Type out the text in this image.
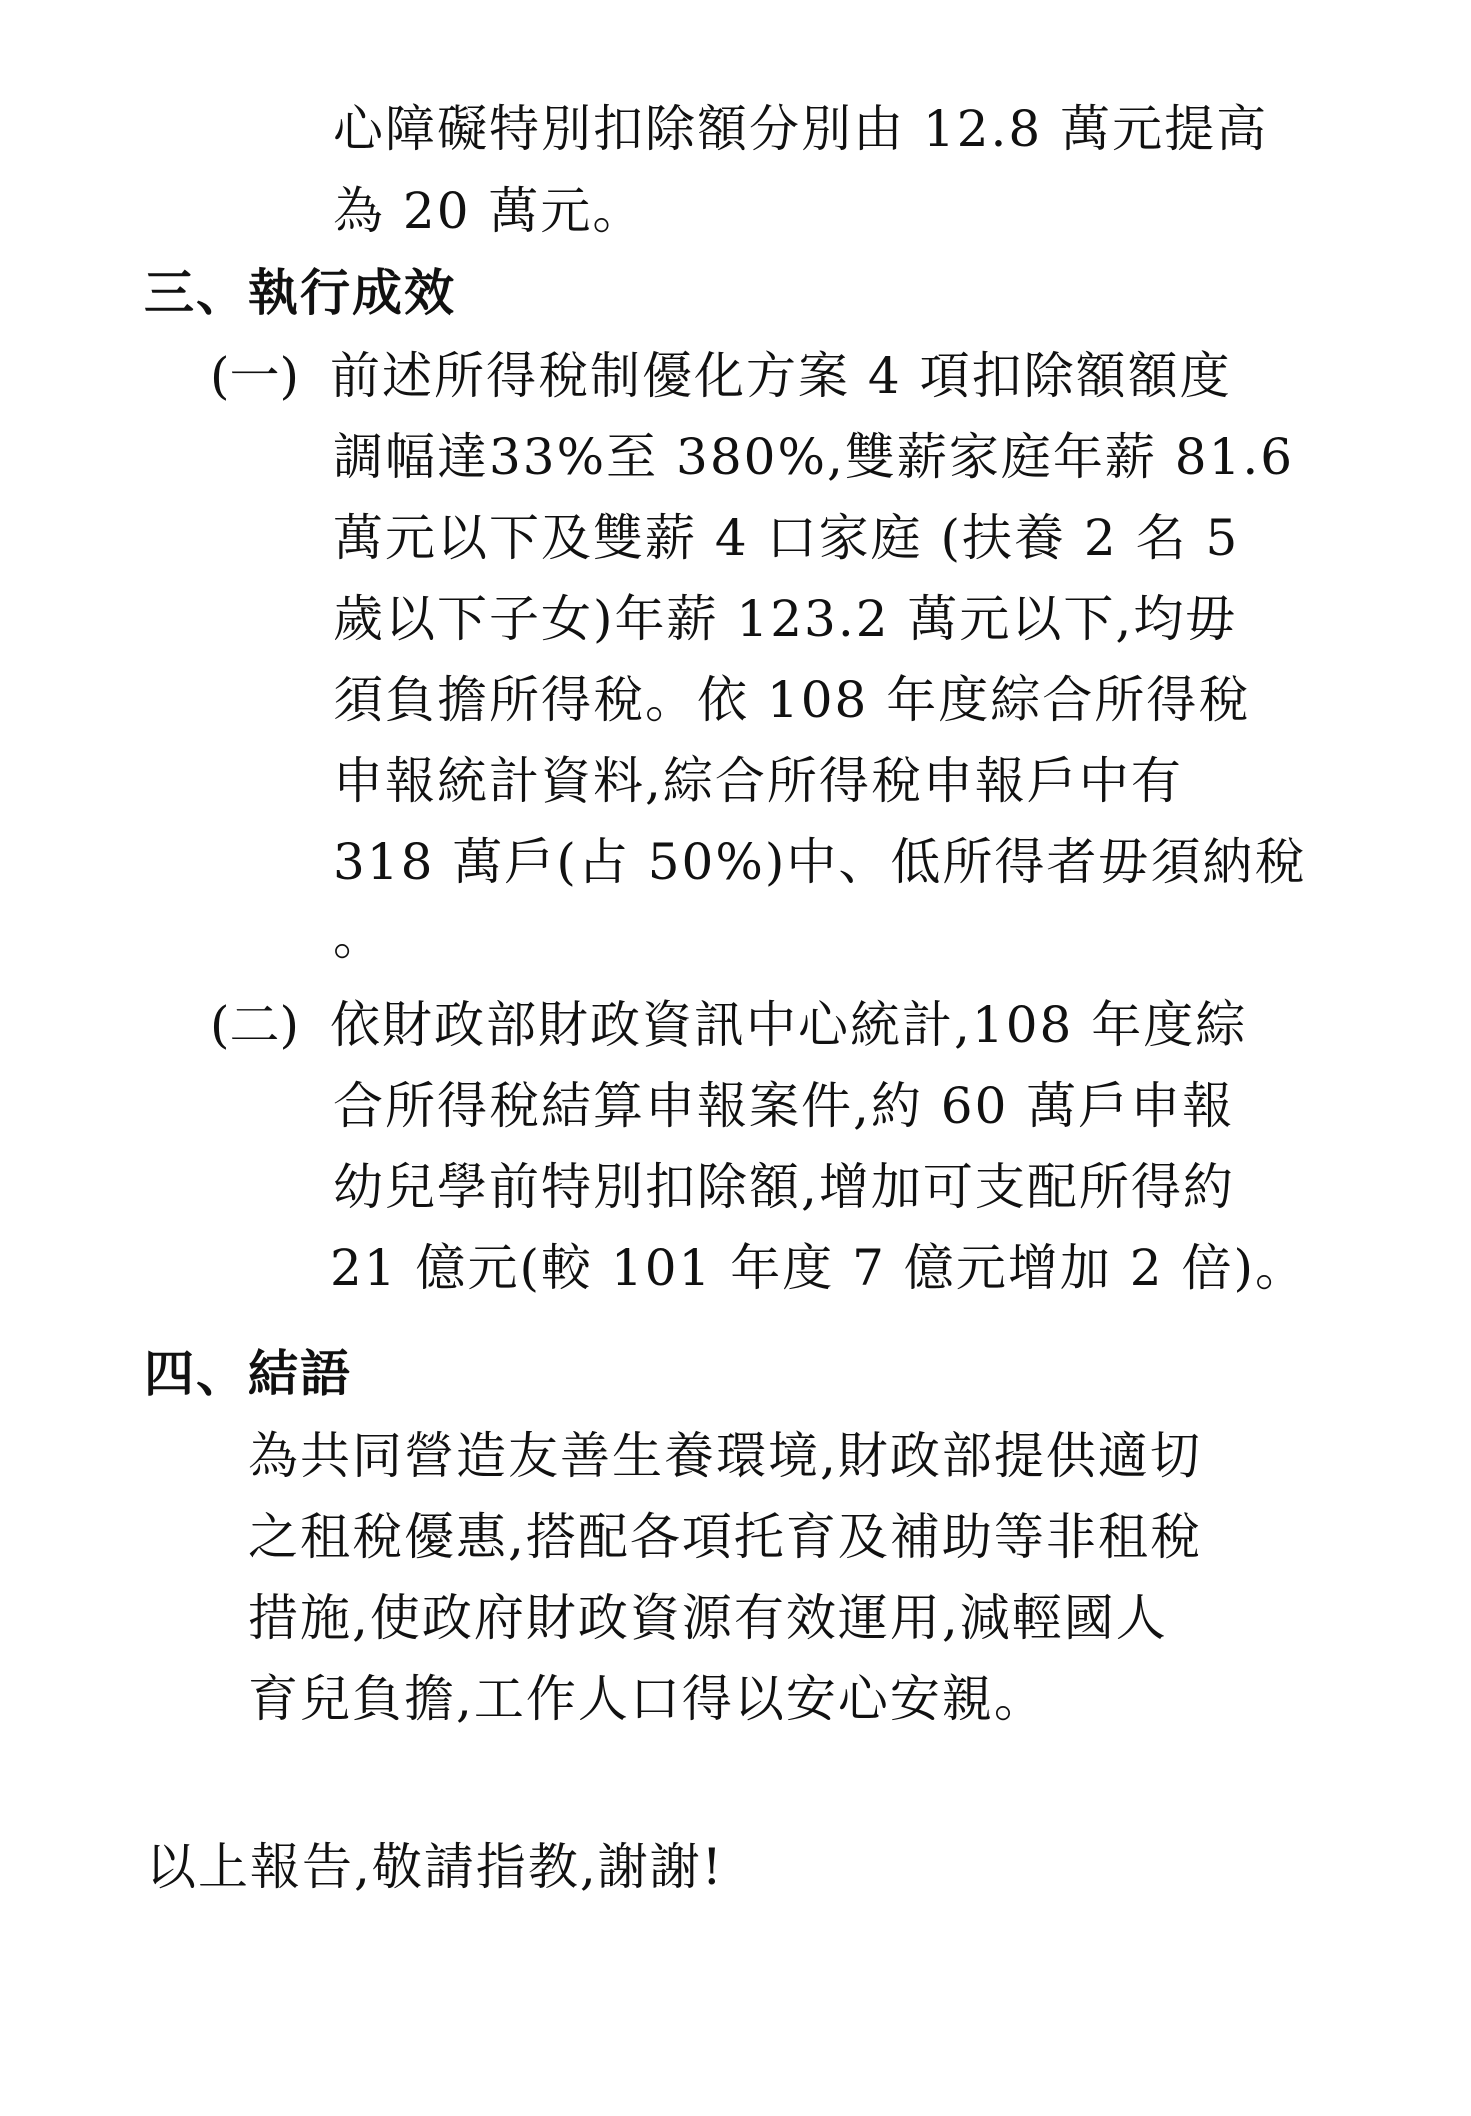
心障礙特別扣除額分別由 12.8 萬元提高
為 20 萬元。
三、執行成效
(一) 前述所得稅制優化方案 4 項扣除額額度
調幅達33%至 380%,雙薪家庭年薪 81.6
萬元以下及雙薪 4 口家庭 (扶養 2 名 5
歲以下子女)年薪 123.2 萬元以下,均毋
須負擔所得稅。依 108 年度綜合所得稅
申報統計資料,綜合所得稅申報戶中有
318 萬戶(占 50%)中、低所得者毋須納稅
。
(二) 依財政部財政資訊中心統計,108 年度綜
合所得稅結算申報案件,約 60 萬戶申報
幼兒學前特別扣除額,增加可支配所得約
21 億元(較 101 年度 7 億元增加 2 倍)。
四、結語
為共同營造友善生養環境,財政部提供適切
之租稅優惠,搭配各項托育及補助等非租稅
措施,使政府財政資源有效運用,減輕國人
育兒負擔,工作人口得以安心安親。
以上報告,敬請指教,謝謝!
